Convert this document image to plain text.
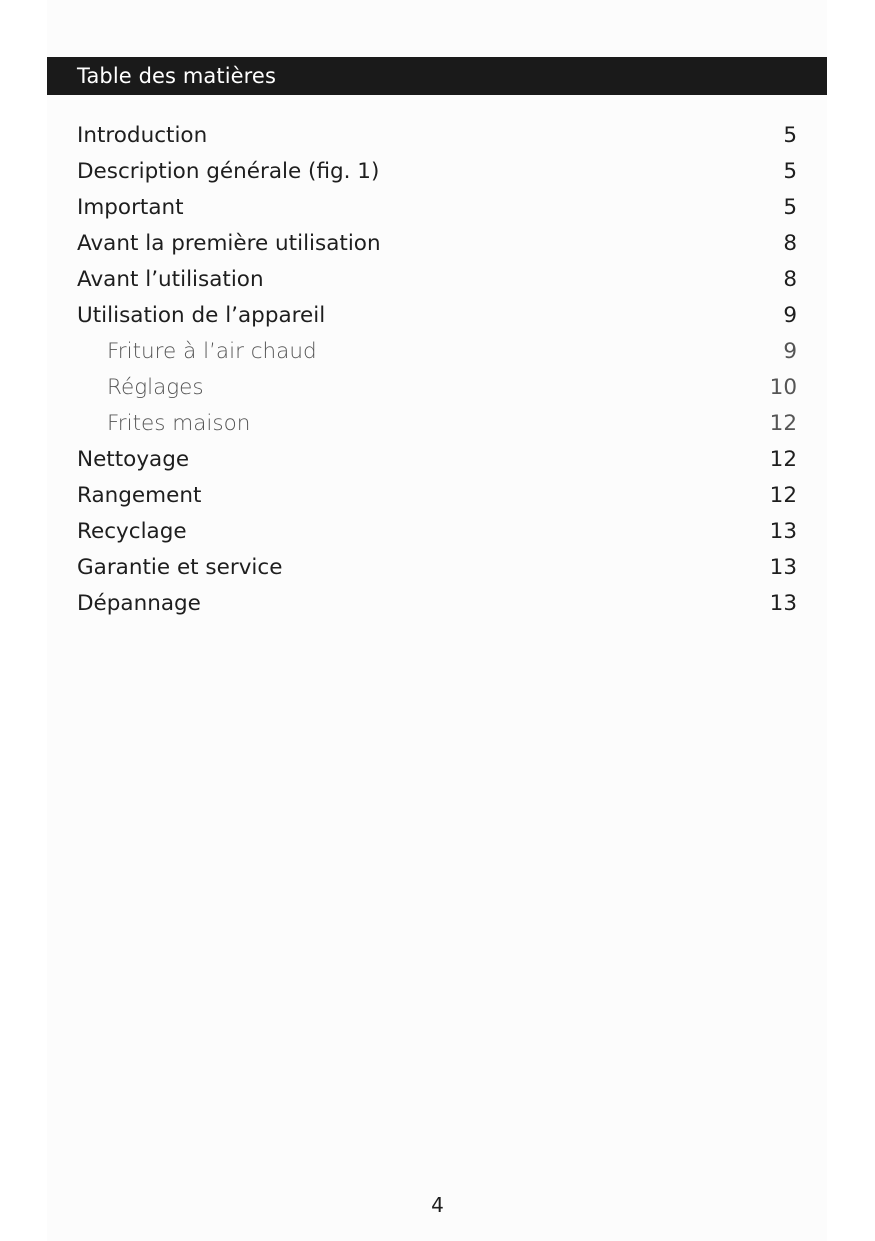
Table des matières
Introduction	5
Description générale (fig. 1)	5
Important	5
Avant la première utilisation	8
Avant l’utilisation	8
Utilisation de l’appareil	9
Friture à l’air chaud	9
Réglages	10
Frites maison	12
Nettoyage	12
Rangement	12
Recyclage	13
Garantie et service	13
Dépannage	13
4
